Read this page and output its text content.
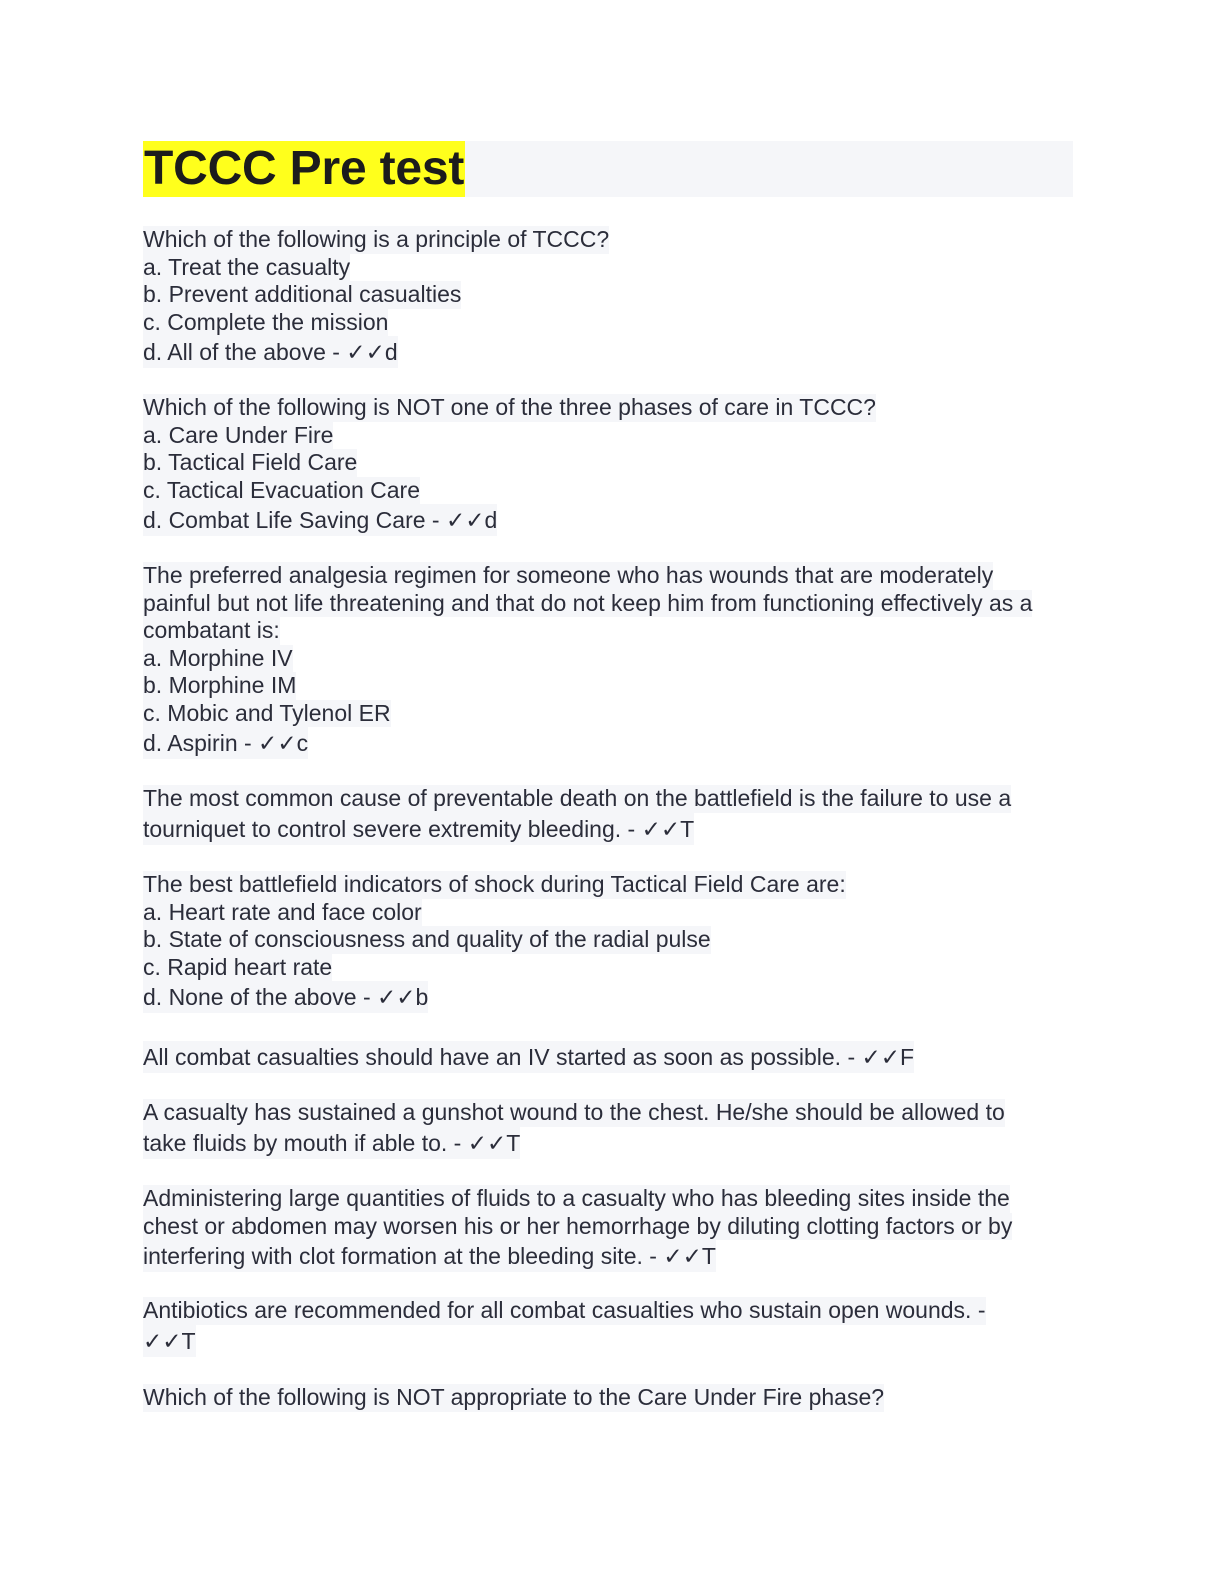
TCCC Pre test
Which of the following is a principle of TCCC?
a. Treat the casualty
b. Prevent additional casualties
c. Complete the mission
d. All of the above - ✓✓d
Which of the following is NOT one of the three phases of care in TCCC?
a. Care Under Fire
b. Tactical Field Care
c. Tactical Evacuation Care
d. Combat Life Saving Care - ✓✓d
The preferred analgesia regimen for someone who has wounds that are moderately
painful but not life threatening and that do not keep him from functioning effectively as a
combatant is:
a. Morphine IV
b. Morphine IM
c. Mobic and Tylenol ER
d. Aspirin - ✓✓c
The most common cause of preventable death on the battlefield is the failure to use a
tourniquet to control severe extremity bleeding. - ✓✓T
The best battlefield indicators of shock during Tactical Field Care are:
a. Heart rate and face color
b. State of consciousness and quality of the radial pulse
c. Rapid heart rate
d. None of the above - ✓✓b
All combat casualties should have an IV started as soon as possible. - ✓✓F
A casualty has sustained a gunshot wound to the chest. He/she should be allowed to
take fluids by mouth if able to. - ✓✓T
Administering large quantities of fluids to a casualty who has bleeding sites inside the
chest or abdomen may worsen his or her hemorrhage by diluting clotting factors or by
interfering with clot formation at the bleeding site. - ✓✓T
Antibiotics are recommended for all combat casualties who sustain open wounds. -
✓✓T
Which of the following is NOT appropriate to the Care Under Fire phase?
